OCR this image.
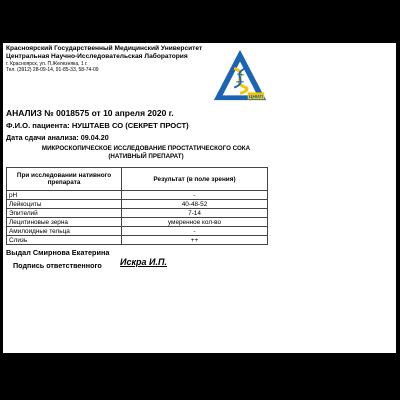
Красноярский Государственный Медицинский Университет
Центральная Научно-Исследовательская Лаборатория
г. Красноярск, ул. П.Железняка, 1 г.
Тел. (3912) 28-09-14, 91-85-33, 58-74-09
ЦНИЛ
АНАЛИЗ № 0018575 от 10 апреля 2020 г.
Ф.И.О. пациента: НУШТАЕВ СО (СЕКРЕТ ПРОСТ)
Дата сдачи анализа: 09.04.20
МИКРОСКОПИЧЕСКОЕ ИССЛЕДОВАНИЕ ПРОСТАТИЧЕСКОГО СОКА
(НАТИВНЫЙ ПРЕПАРАТ)
При исследовании нативного препарата	Результат (в поле зрения)
pH	-
Лейкоциты	40-48-52
Эпителий	7-14
Лецитиновые зерна	умеренное кол-во
Амилоидные тельца	-
Слизь	++
Выдал Смирнова Екатерина
Подпись ответственного Искра И.П.
